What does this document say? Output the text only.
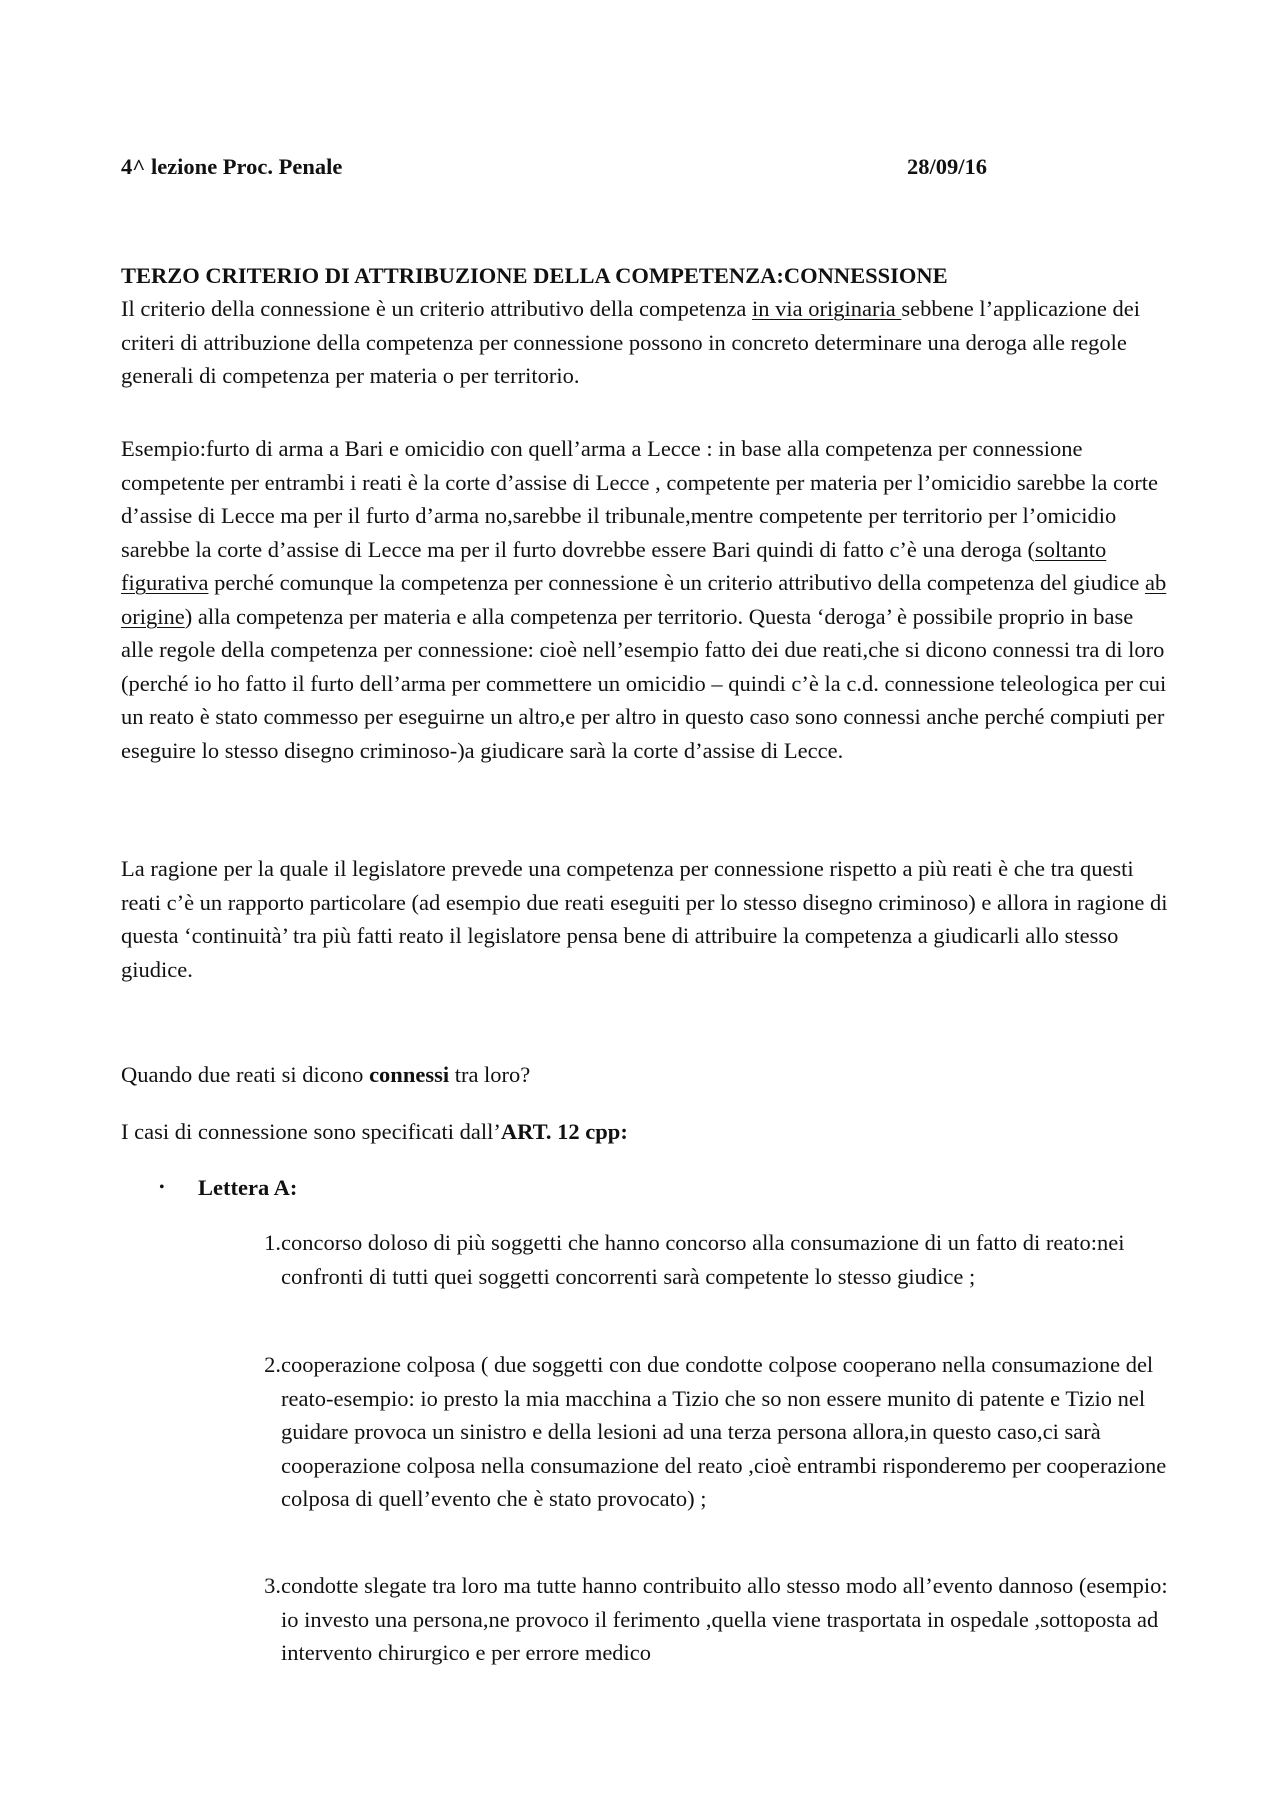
4^ lezione Proc. Penale	28/09/16
TERZO CRITERIO DI ATTRIBUZIONE DELLA COMPETENZA:CONNESSIONE

Il criterio della connessione è un criterio attributivo della competenza in via originaria sebbene l’applicazione dei criteri di attribuzione della competenza per connessione possono in concreto determinare una deroga alle regole generali di competenza per materia o per territorio.

Esempio:furto di arma a Bari e omicidio con quell’arma a Lecce : in base alla competenza per connessione competente per entrambi i reati è la corte d’assise di Lecce , competente per materia per l’omicidio sarebbe la corte d’assise di Lecce ma per il furto d’arma no,sarebbe il tribunale,mentre competente per territorio per l’omicidio sarebbe la corte d’assise di Lecce ma per il furto dovrebbe essere Bari quindi di fatto c’è una deroga (soltanto figurativa perché comunque la competenza per connessione è un criterio attributivo della competenza del giudice ab origine) alla competenza per materia e alla competenza per territorio. Questa ‘deroga’ è possibile proprio in base alle regole della competenza per connessione: cioè nell’esempio fatto dei due reati,che si dicono connessi tra di loro (perché io ho fatto il furto dell’arma per commettere un omicidio – quindi c’è la c.d. connessione teleologica per cui un reato è stato commesso per eseguirne un altro,e per altro in questo caso sono connessi anche perché compiuti per eseguire lo stesso disegno criminoso-)a giudicare sarà la corte d’assise di Lecce.

La ragione per la quale il legislatore prevede una competenza per connessione rispetto a più reati è che tra questi reati c’è un rapporto particolare (ad esempio due reati eseguiti per lo stesso disegno criminoso) e allora in ragione di questa ‘continuità’ tra più fatti reato il legislatore pensa bene di attribuire la competenza a giudicarli allo stesso giudice.

Quando due reati si dicono connessi tra loro?

I casi di connessione sono specificati dall’ART. 12 cpp:

• Lettera A:
1. concorso doloso di più soggetti che hanno concorso alla consumazione di un fatto di reato:nei confronti di tutti quei soggetti concorrenti sarà competente lo stesso giudice ;
2. cooperazione colposa ( due soggetti con due condotte colpose cooperano nella consumazione del reato-esempio: io presto la mia macchina a Tizio che so non essere munito di patente e Tizio nel guidare provoca un sinistro e della lesioni ad una terza persona allora,in questo caso,ci sarà cooperazione colposa nella consumazione del reato ,cioè entrambi risponderemo per cooperazione colposa di quell’evento che è stato provocato) ;
3. condotte slegate tra loro ma tutte hanno contribuito allo stesso modo all’evento dannoso (esempio: io investo una persona,ne provoco il ferimento ,quella viene trasportata in ospedale ,sottoposta ad intervento chirurgico e per errore medico
